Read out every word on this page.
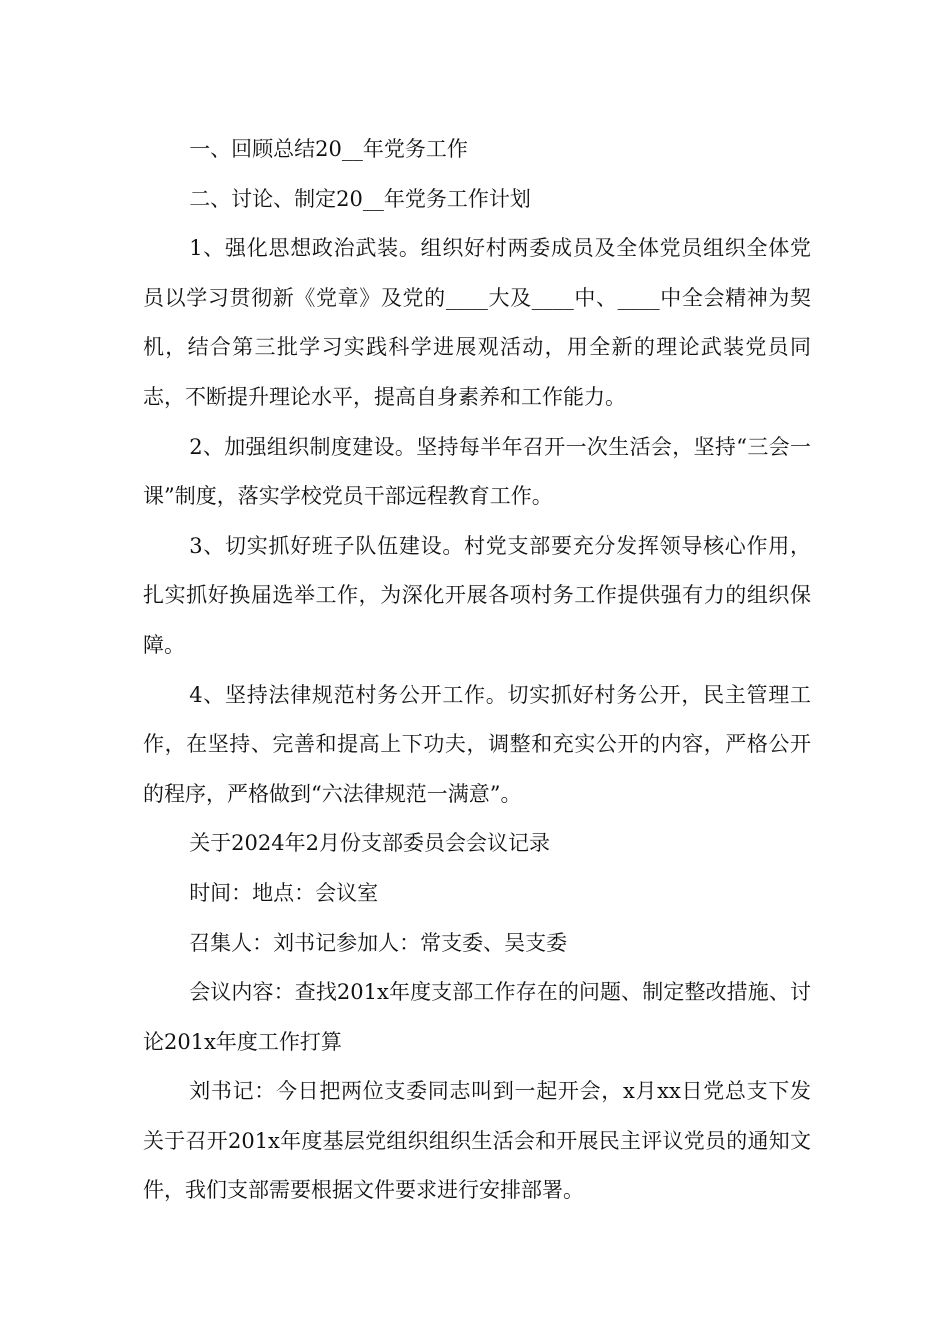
一、回顾总结20__年党务工作

二、讨论、制定20__年党务工作计划

1、强化思想政治武装。组织好村两委成员及全体党员组织全体党员以学习贯彻新《党章》及党的____大及____中、____中全会精神为契机，结合第三批学习实践科学进展观活动，用全新的理论武装党员同志，不断提升理论水平，提高自身素养和工作能力。

2、加强组织制度建设。坚持每半年召开一次生活会，坚持“三会一课”制度，落实学校党员干部远程教育工作。

3、切实抓好班子队伍建设。村党支部要充分发挥领导核心作用，扎实抓好换届选举工作，为深化开展各项村务工作提供强有力的组织保障。

4、坚持法律规范村务公开工作。切实抓好村务公开，民主管理工作，在坚持、完善和提高上下功夫，调整和充实公开的内容，严格公开的程序，严格做到“六法律规范一满意”。

关于2024年2月份支部委员会会议记录

时间：地点：会议室

召集人：刘书记参加人：常支委、吴支委

会议内容：查找201x年度支部工作存在的问题、制定整改措施、讨论201x年度工作打算

刘书记：今日把两位支委同志叫到一起开会，x月xx日党总支下发关于召开201x年度基层党组织组织生活会和开展民主评议党员的通知文件，我们支部需要根据文件要求进行安排部署。
